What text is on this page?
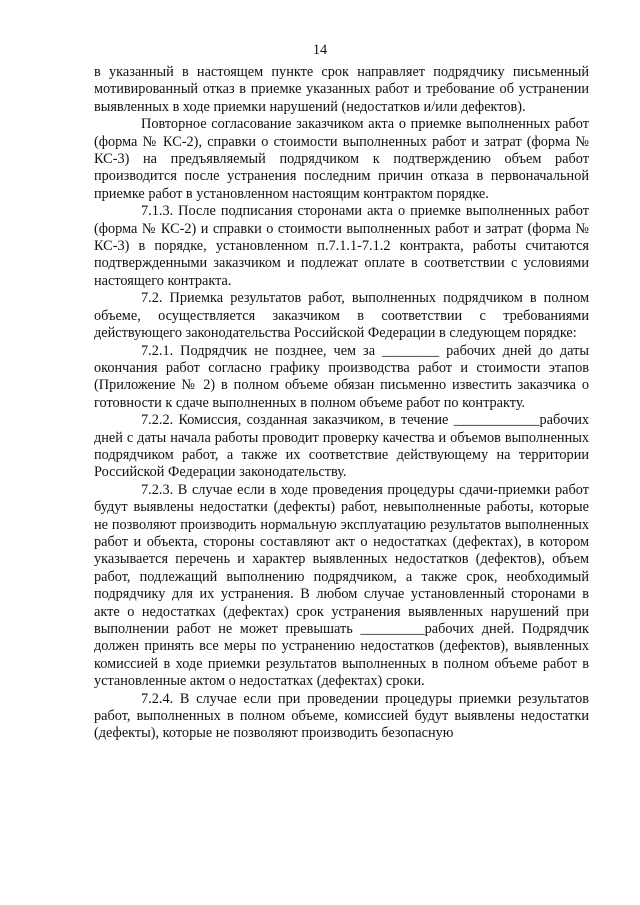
14

в указанный в настоящем пункте срок направляет подрядчику письменный мотивированный отказ в приемке указанных работ и требование об устранении выявленных в ходе приемки нарушений (недостатков и/или дефектов).

Повторное согласование заказчиком акта о приемке выполненных работ (форма № КС-2), справки о стоимости выполненных работ и затрат (форма № КС-3) на предъявляемый подрядчиком к подтверждению объем работ производится после устранения последним причин отказа в первоначальной приемке работ в установленном настоящим контрактом порядке.

7.1.3. После подписания сторонами акта о приемке выполненных работ (форма № КС-2) и справки о стоимости выполненных работ и затрат (форма № КС-3) в порядке, установленном п.7.1.1-7.1.2 контракта, работы считаются подтвержденными заказчиком и подлежат оплате в соответствии с условиями настоящего контракта.

7.2. Приемка результатов работ, выполненных подрядчиком в полном объеме, осуществляется заказчиком в соответствии с требованиями действующего законодательства Российской Федерации в следующем порядке:

7.2.1. Подрядчик не позднее, чем за ________ рабочих дней до даты окончания работ согласно графику производства работ и стоимости этапов (Приложение № 2) в полном объеме обязан письменно известить заказчика о готовности к сдаче выполненных в полном объеме работ по контракту.

7.2.2. Комиссия, созданная заказчиком, в течение ____________рабочих дней с даты начала работы проводит проверку качества и объемов выполненных подрядчиком работ, а также их соответствие действующему на территории Российской Федерации законодательству.

7.2.3. В случае если в ходе проведения процедуры сдачи-приемки работ будут выявлены недостатки (дефекты) работ, невыполненные работы, которые не позволяют производить нормальную эксплуатацию результатов выполненных работ и объекта, стороны составляют акт о недостатках (дефектах), в котором указывается перечень и характер выявленных недостатков (дефектов), объем работ, подлежащий выполнению подрядчиком, а также срок, необходимый подрядчику для их устранения. В любом случае установленный сторонами в акте о недостатках (дефектах) срок устранения выявленных нарушений при выполнении работ не может превышать _________рабочих дней. Подрядчик должен принять все меры по устранению недостатков (дефектов), выявленных комиссией в ходе приемки результатов выполненных в полном объеме работ в установленные актом о недостатках (дефектах) сроки.

7.2.4. В случае если при проведении процедуры приемки результатов работ, выполненных в полном объеме, комиссией будут выявлены недостатки (дефекты), которые не позволяют производить безопасную
